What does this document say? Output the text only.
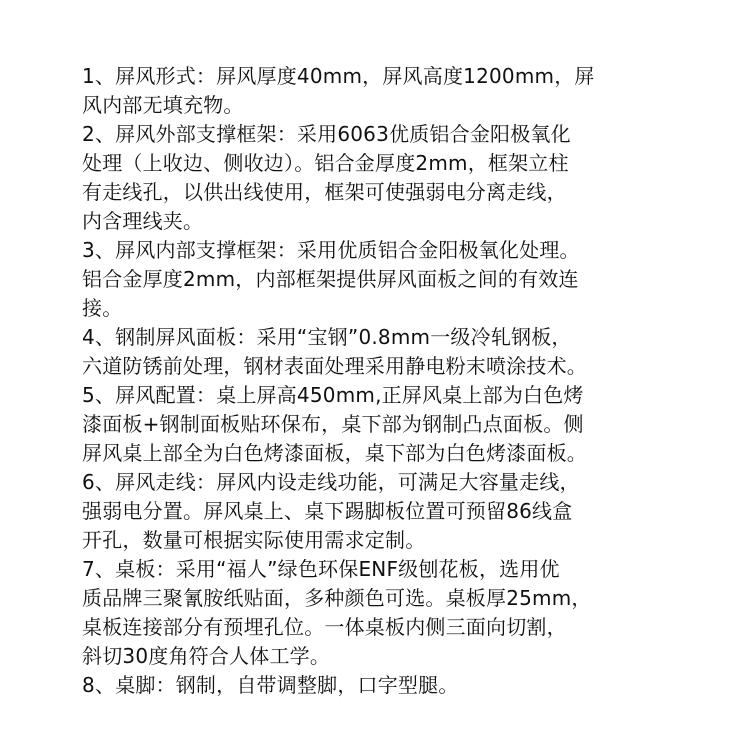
1、屏风形式：屏风厚度40mm，屏风高度1200mm，屏
风内部无填充物。
2、屏风外部支撑框架：采用6063优质铝合金阳极氧化
处理（上收边、侧收边）。铝合金厚度2mm，框架立柱
有走线孔，以供出线使用，框架可使强弱电分离走线，
内含理线夹。
3、屏风内部支撑框架：采用优质铝合金阳极氧化处理。
铝合金厚度2mm，内部框架提供屏风面板之间的有效连
接。
4、钢制屏风面板：采用“宝钢”0.8mm一级冷轧钢板，
六道防锈前处理，钢材表面处理采用静电粉末喷涂技术。
5、屏风配置：桌上屏高450mm,正屏风桌上部为白色烤
漆面板+钢制面板贴环保布，桌下部为钢制凸点面板。侧
屏风桌上部全为白色烤漆面板，桌下部为白色烤漆面板。
6、屏风走线：屏风内设走线功能，可满足大容量走线，
强弱电分置。屏风桌上、桌下踢脚板位置可预留86线盒
开孔，数量可根据实际使用需求定制。
7、桌板：采用“福人”绿色环保ENF级刨花板，选用优
质品牌三聚氰胺纸贴面，多种颜色可选。桌板厚25mm，
桌板连接部分有预埋孔位。一体桌板内侧三面向切割，
斜切30度角符合人体工学。
8、桌脚：钢制，自带调整脚，口字型腿。
